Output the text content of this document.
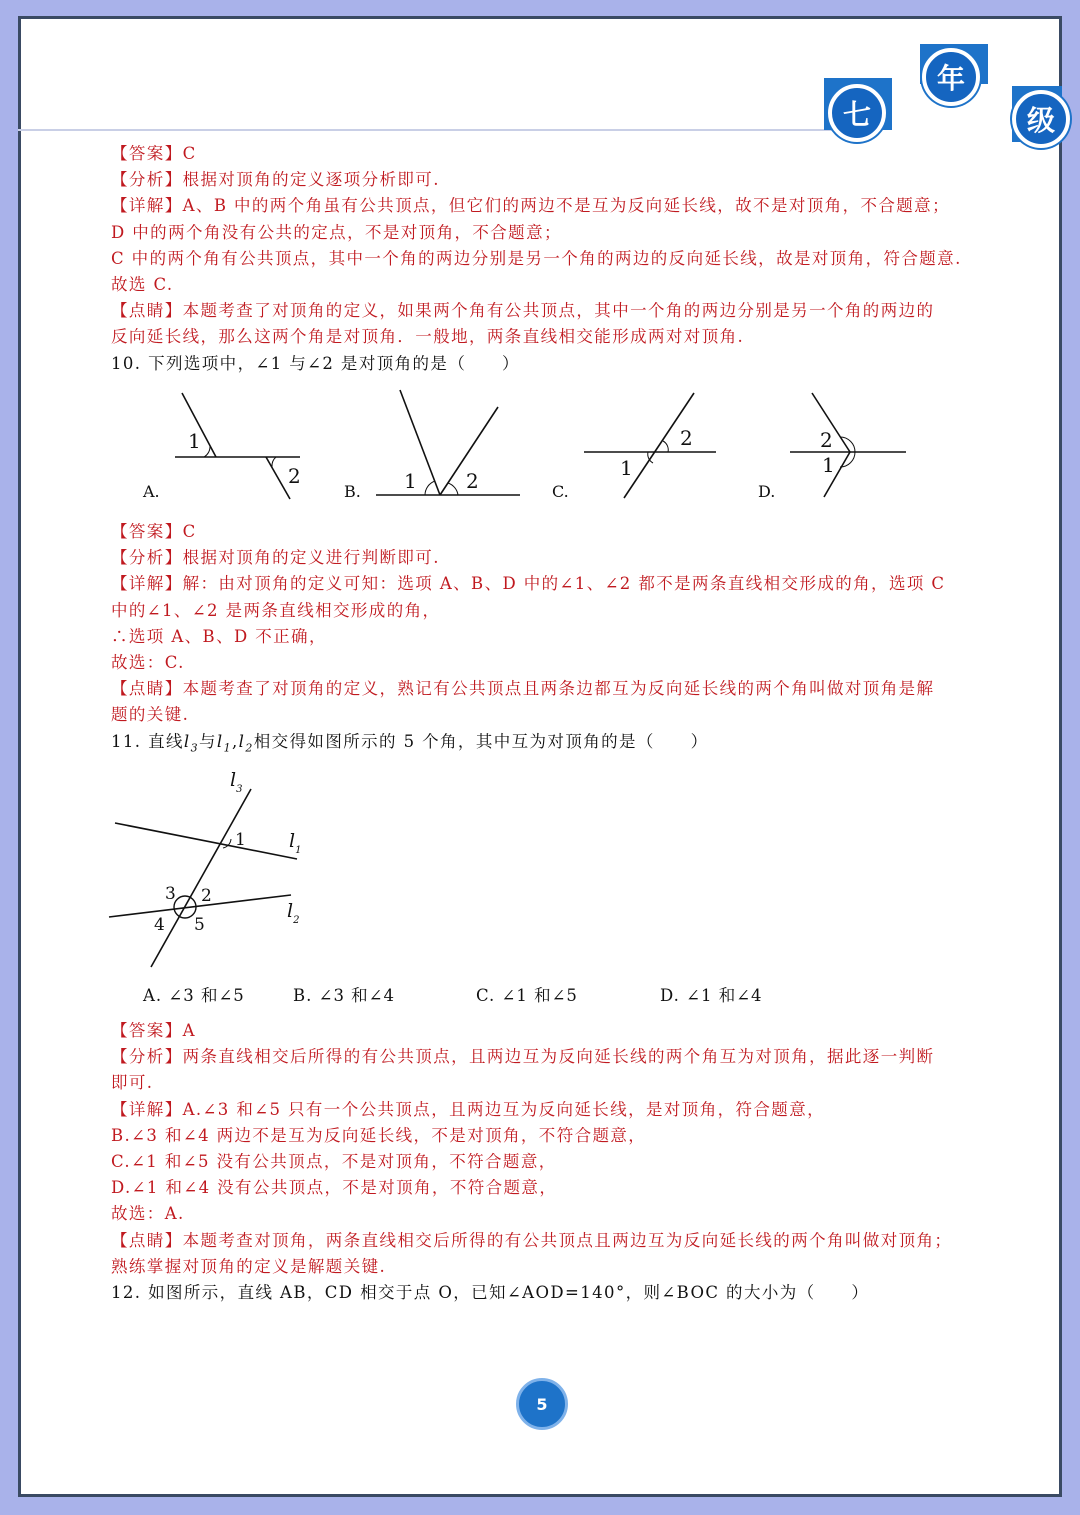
七
年
级
【答案】C
【分析】根据对顶角的定义逐项分析即可.
【详解】A、B 中的两个角虽有公共顶点，但它们的两边不是互为反向延长线，故不是对顶角，不合题意；
D 中的两个角没有公共的定点，不是对顶角，不合题意；
C 中的两个角有公共顶点，其中一个角的两边分别是另一个角的两边的反向延长线，故是对顶角，符合题意.
故选 C.
【点睛】本题考查了对顶角的定义，如果两个角有公共顶点，其中一个角的两边分别是另一个角的两边的
反向延长线，那么这两个角是对顶角．一般地，两条直线相交能形成两对对顶角.
10. 下列选项中，∠1 与∠2 是对顶角的是（　　）
1
2
A.	1 2
B.
2
1
C.
2
1
D.
【答案】C
【分析】根据对顶角的定义进行判断即可.
【详解】解：由对顶角的定义可知：选项 A、B、D 中的∠1、∠2 都不是两条直线相交形成的角，选项 C
中的∠1、∠2 是两条直线相交形成的角，
∴选项 A、B、D 不正确，
故选：C.
【点睛】本题考查了对顶角的定义，熟记有公共顶点且两条边都互为反向延长线的两个角叫做对顶角是解
题的关键.
11. 直线$l_3$与$l_1,l_2$相交得如图所示的 5 个角，其中互为对顶角的是（　　）
$l_3$
$l_1$
$l_2$
1
2
3
4 5
A. ∠3 和∠5	B. ∠3 和∠4	C. ∠1 和∠5	D. ∠1 和∠4
【答案】A
【分析】两条直线相交后所得的有公共顶点，且两边互为反向延长线的两个角互为对顶角，据此逐一判断
即可.
【详解】A.∠3 和∠5 只有一个公共顶点，且两边互为反向延长线，是对顶角，符合题意，
B.∠3 和∠4 两边不是互为反向延长线，不是对顶角，不符合题意，
C.∠1 和∠5 没有公共顶点，不是对顶角，不符合题意，
D.∠1 和∠4 没有公共顶点，不是对顶角，不符合题意，
故选：A.
【点睛】本题考查对顶角，两条直线相交后所得的有公共顶点且两边互为反向延长线的两个角叫做对顶角；
熟练掌握对顶角的定义是解题关键.
12. 如图所示，直线 AB，CD 相交于点 O，已知∠AOD=140°，则∠BOC 的大小为（　　）
5
